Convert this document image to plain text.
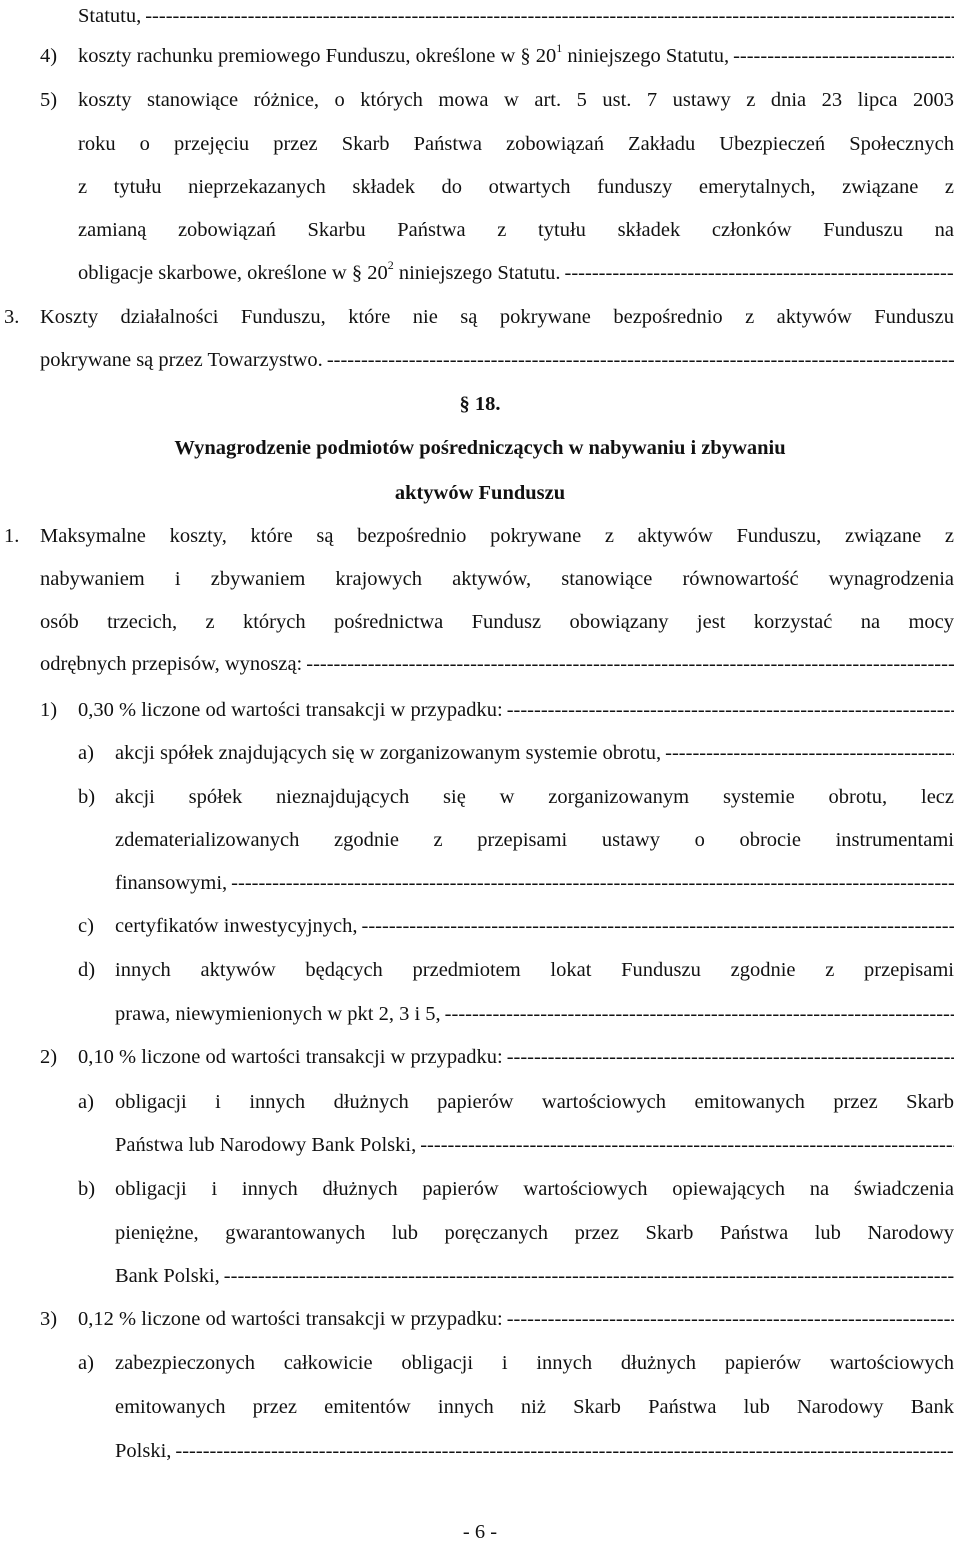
Statutu,
-----
4) koszty rachunku premiowego Funduszu, określone w § $20^1$ niniejszego Statutu,
-----
5) koszty stanowiące różnice, o których mowa w art. 5 ust. 7 ustawy z dnia 23 lipca 2003
roku o przejęciu przez Skarb Państwa zobowiązań Zakładu Ubezpieczeń Społecznych
z tytułu nieprzekazanych składek do otwartych funduszy emerytalnych, związane z
zamianą zobowiązań Skarbu Państwa z tytułu składek członków Funduszu na
obligacje skarbowe, określone w § $20^2$ niniejszego Statutu.
-----
3. Koszty działalności Funduszu, które nie są pokrywane bezpośrednio z aktywów Funduszu
pokrywane są przez Towarzystwo.
-----
§ 18.
Wynagrodzenie podmiotów pośredniczących w nabywaniu i zbywaniu
aktywów Funduszu
1. Maksymalne koszty, które są bezpośrednio pokrywane z aktywów Funduszu, związane z
nabywaniem i zbywaniem krajowych aktywów, stanowiące równowartość wynagrodzenia
osób trzecich, z których pośrednictwa Fundusz obowiązany jest korzystać na mocy
odrębnych przepisów, wynoszą:
-----
1) 0,30 % liczone od wartości transakcji w przypadku:
-----
a) akcji spółek znajdujących się w zorganizowanym systemie obrotu,
-----
b) akcji spółek nieznajdujących się w zorganizowanym systemie obrotu, lecz
zdematerializowanych zgodnie z przepisami ustawy o obrocie instrumentami
finansowymi,
-----
c) certyfikatów inwestycyjnych,
-----
d) innych aktywów będących przedmiotem lokat Funduszu zgodnie z przepisami
prawa, niewymienionych w pkt 2, 3 i 5,
-----
2) 0,10 % liczone od wartości transakcji w przypadku:
-----
a) obligacji i innych dłużnych papierów wartościowych emitowanych przez Skarb
Państwa lub Narodowy Bank Polski,
-----
b) obligacji i innych dłużnych papierów wartościowych opiewających na świadczenia
pieniężne, gwarantowanych lub poręczanych przez Skarb Państwa lub Narodowy
Bank Polski,
-----
3) 0,12 % liczone od wartości transakcji w przypadku:
-----
a) zabezpieczonych całkowicie obligacji i innych dłużnych papierów wartościowych
emitowanych przez emitentów innych niż Skarb Państwa lub Narodowy Bank
Polski,
-----
- 6 -
